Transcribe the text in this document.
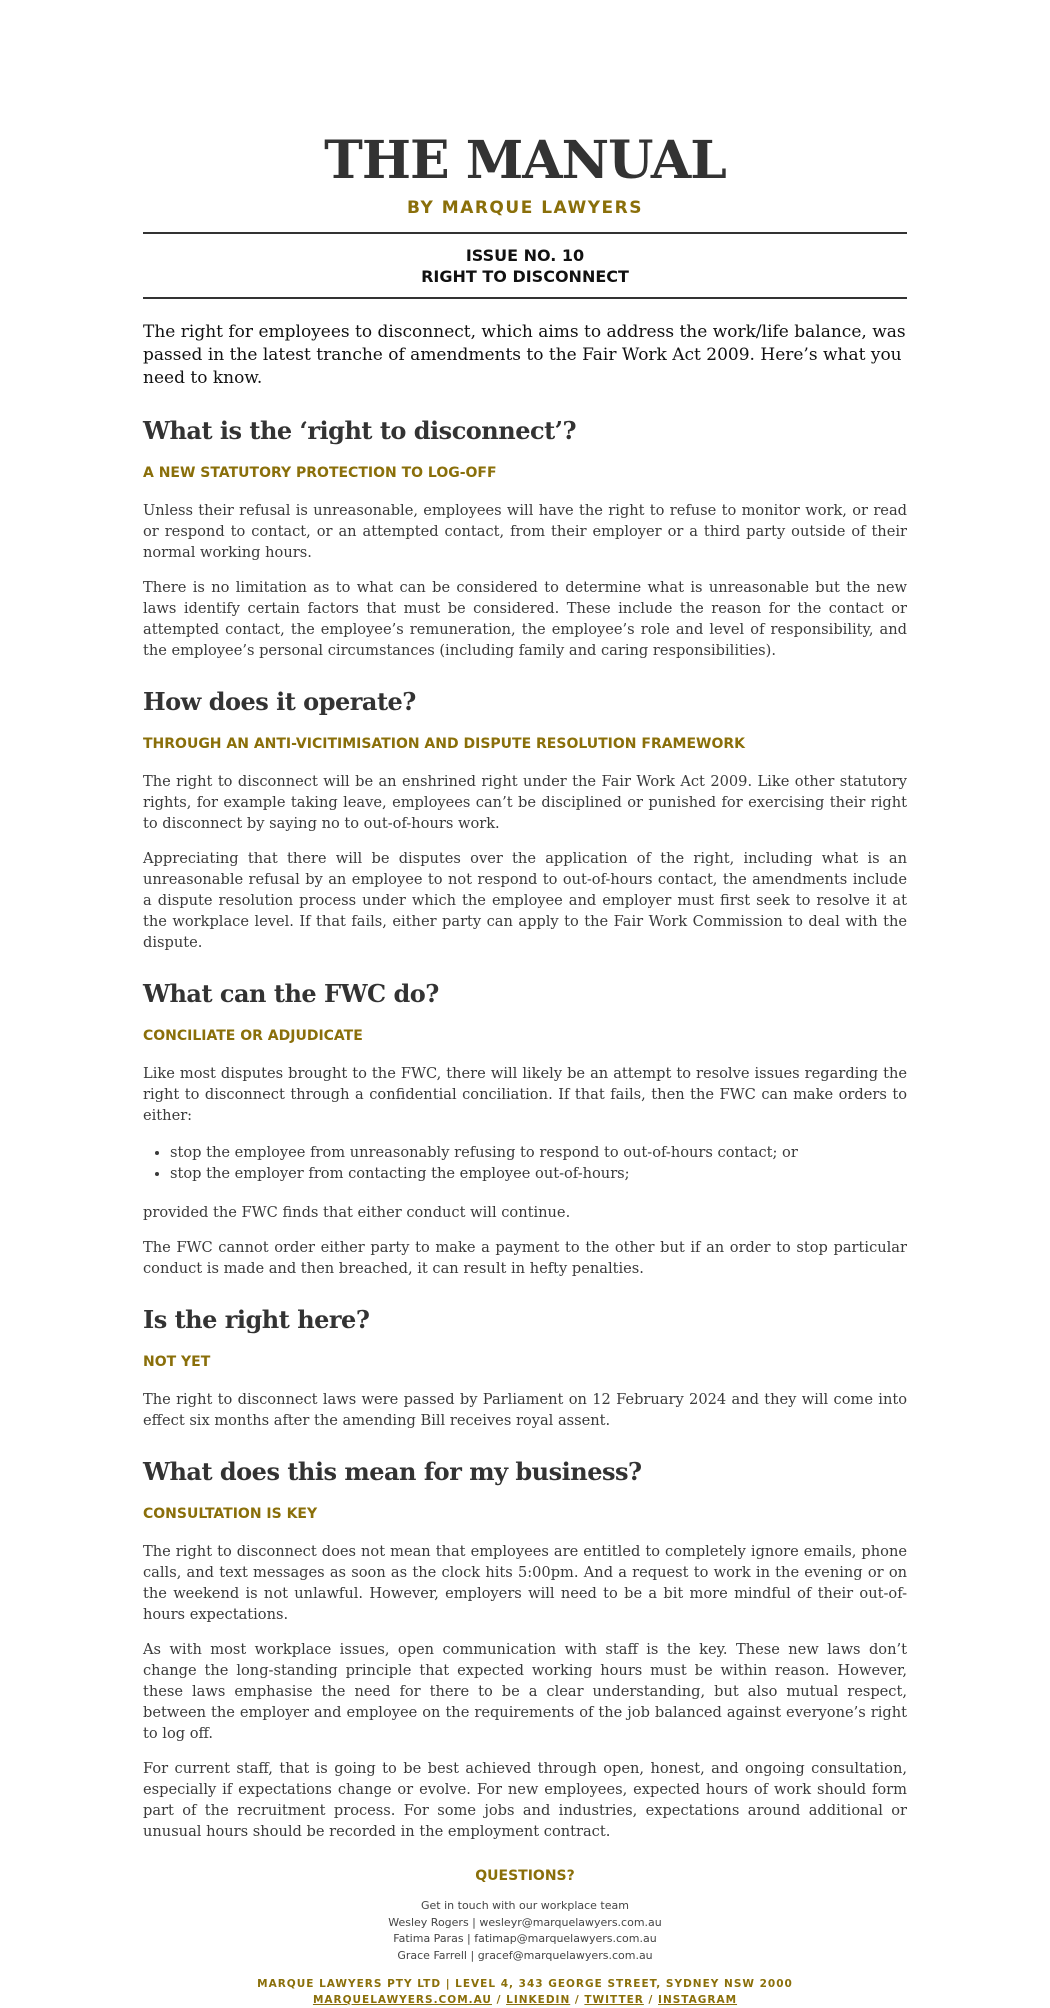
THE MANUAL
BY MARQUE LAWYERS
ISSUE NO. 10
RIGHT TO DISCONNECT
The right for employees to disconnect, which aims to address the work/life balance, was passed in the latest tranche of amendments to the Fair Work Act 2009. Here’s what you need to know.
What is the ‘right to disconnect’?
A NEW STATUTORY PROTECTION TO LOG-OFF

Unless their refusal is unreasonable, employees will have the right to refuse to monitor work, or read or respond to contact, or an attempted contact, from their employer or a third party outside of their normal working hours.

There is no limitation as to what can be considered to determine what is unreasonable but the new laws identify certain factors that must be considered. These include the reason for the contact or attempted contact, the employee’s remuneration, the employee’s role and level of responsibility, and the employee’s personal circumstances (including family and caring responsibilities).

How does it operate?
THROUGH AN ANTI-VICITIMISATION AND DISPUTE RESOLUTION FRAMEWORK

The right to disconnect will be an enshrined right under the Fair Work Act 2009. Like other statutory rights, for example taking leave, employees can’t be disciplined or punished for exercising their right to disconnect by saying no to out-of-hours work.

Appreciating that there will be disputes over the application of the right, including what is an unreasonable refusal by an employee to not respond to out-of-hours contact, the amendments include a dispute resolution process under which the employee and employer must first seek to resolve it at the workplace level. If that fails, either party can apply to the Fair Work Commission to deal with the dispute.

What can the FWC do?
CONCILIATE OR ADJUDICATE

Like most disputes brought to the FWC, there will likely be an attempt to resolve issues regarding the right to disconnect through a confidential conciliation. If that fails, then the FWC can make orders to either:

• stop the employee from unreasonably refusing to respond to out-of-hours contact; or
• stop the employer from contacting the employee out-of-hours;

provided the FWC finds that either conduct will continue.

The FWC cannot order either party to make a payment to the other but if an order to stop particular conduct is made and then breached, it can result in hefty penalties.

Is the right here?
NOT YET

The right to disconnect laws were passed by Parliament on 12 February 2024 and they will come into effect six months after the amending Bill receives royal assent.

What does this mean for my business?
CONSULTATION IS KEY

The right to disconnect does not mean that employees are entitled to completely ignore emails, phone calls, and text messages as soon as the clock hits 5:00pm. And a request to work in the evening or on the weekend is not unlawful. However, employers will need to be a bit more mindful of their out-of-hours expectations.

As with most workplace issues, open communication with staff is the key. These new laws don’t change the long-standing principle that expected working hours must be within reason. However, these laws emphasise the need for there to be a clear understanding, but also mutual respect, between the employer and employee on the requirements of the job balanced against everyone’s right to log off.

For current staff, that is going to be best achieved through open, honest, and ongoing consultation, especially if expectations change or evolve. For new employees, expected hours of work should form part of the recruitment process. For some jobs and industries, expectations around additional or unusual hours should be recorded in the employment contract.

QUESTIONS?
Get in touch with our workplace team
Wesley Rogers | wesleyr@marquelawyers.com.au
Fatima Paras | fatimap@marquelawyers.com.au
Grace Farrell | gracef@marquelawyers.com.au
MARQUE LAWYERS PTY LTD | LEVEL 4, 343 GEORGE STREET, SYDNEY NSW 2000
MARQUELAWYERS.COM.AU / LINKEDIN / TWITTER / INSTAGRAM
